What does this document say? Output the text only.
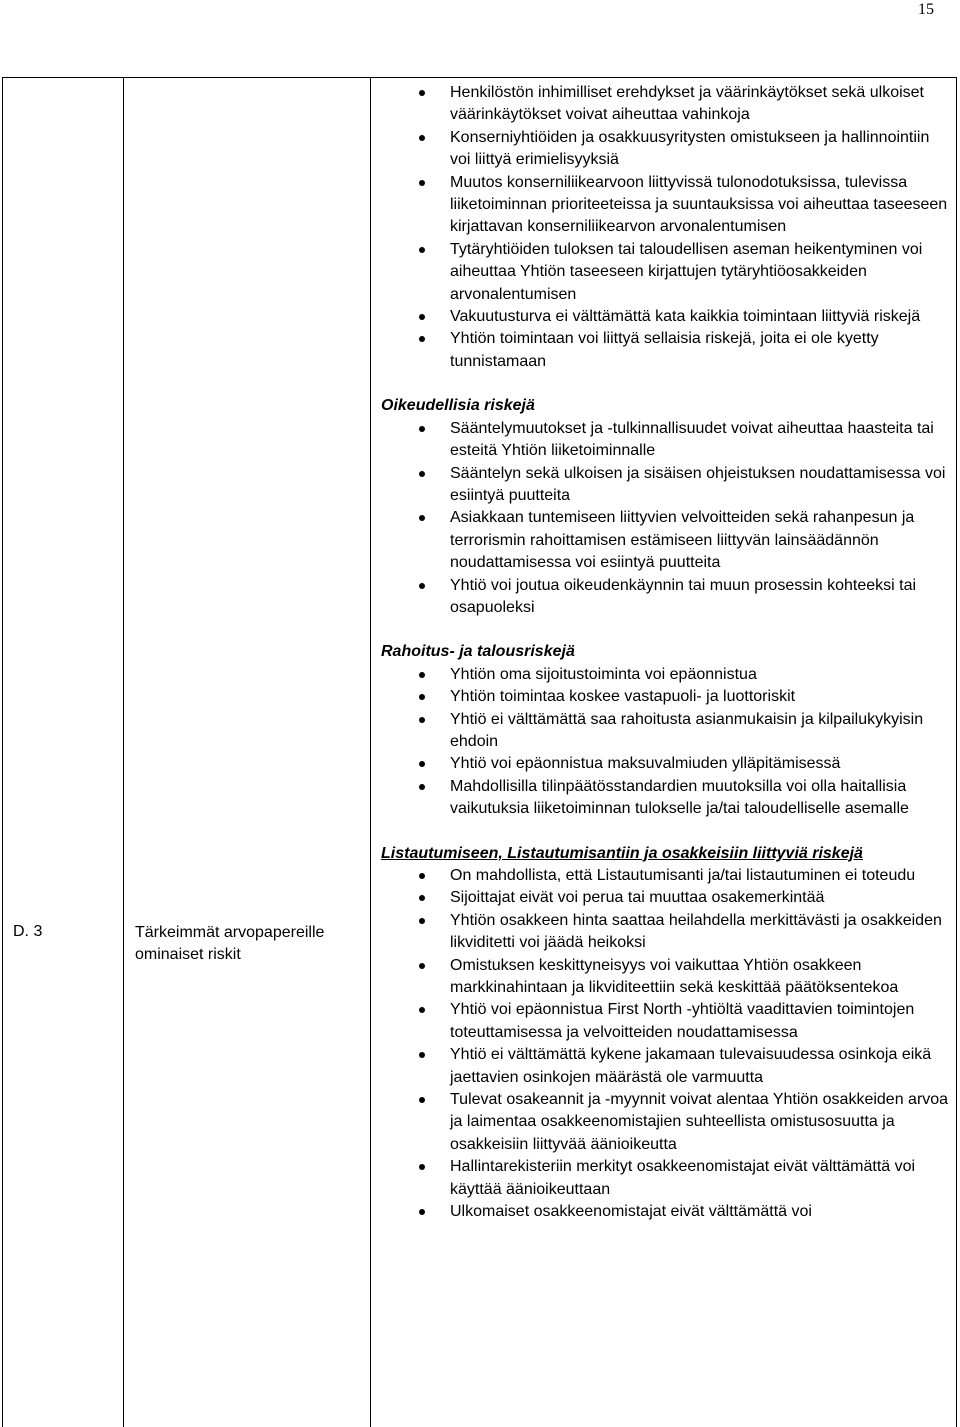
15
D. 3	Tärkeimmät arvopapereille ominaiset riskit
Henkilöstön inhimilliset erehdykset ja väärinkäytökset sekä ulkoiset väärinkäytökset voivat aiheuttaa vahinkoja
Konserniyhtiöiden ja osakkuusyritysten omistukseen ja hallinnointiin voi liittyä erimielisyyksiä
Muutos konserniliikearvoon liittyvissä tulonodotuksissa, tulevissa liiketoiminnan prioriteeteissa ja suuntauksissa voi aiheuttaa taseeseen kirjattavan konserniliikearvon arvonalentumisen
Tytäryhtiöiden tuloksen tai taloudellisen aseman heikentyminen voi aiheuttaa Yhtiön taseeseen kirjattujen tytäryhtiöosakkeiden arvonalentumisen
Vakuutusturva ei välttämättä kata kaikkia toimintaan liittyviä riskejä
Yhtiön toimintaan voi liittyä sellaisia riskejä, joita ei ole kyetty tunnistamaan
Oikeudellisia riskejä
Sääntelymuutokset ja -tulkinnallisuudet voivat aiheuttaa haasteita tai esteitä Yhtiön liiketoiminnalle
Sääntelyn sekä ulkoisen ja sisäisen ohjeistuksen noudattamisessa voi esiintyä puutteita
Asiakkaan tuntemiseen liittyvien velvoitteiden sekä rahanpesun ja terrorismin rahoittamisen estämiseen liittyvän lainsäädännön noudattamisessa voi esiintyä puutteita
Yhtiö voi joutua oikeudenkäynnin tai muun prosessin kohteeksi tai osapuoleksi
Rahoitus- ja talousriskejä
Yhtiön oma sijoitustoiminta voi epäonnistua
Yhtiön toimintaa koskee vastapuoli- ja luottoriskit
Yhtiö ei välttämättä saa rahoitusta asianmukaisin ja kilpailukykyisin ehdoin
Yhtiö voi epäonnistua maksuvalmiuden ylläpitämisessä
Mahdollisilla tilinpäätösstandardien muutoksilla voi olla haitallisia vaikutuksia liiketoiminnan tulokselle ja/tai taloudelliselle asemalle
Listautumiseen, Listautumisantiin ja osakkeisiin liittyviä riskejä
On mahdollista, että Listautumisanti ja/tai listautuminen ei toteudu
Sijoittajat eivät voi perua tai muuttaa osakemerkintää
Yhtiön osakkeen hinta saattaa heilahdella merkittävästi ja osakkeiden likviditetti voi jäädä heikoksi
Omistuksen keskittyneisyys voi vaikuttaa Yhtiön osakkeen markkinahintaan ja likviditeettiin sekä keskittää päätöksentekoa
Yhtiö voi epäonnistua First North -yhtiöltä vaadittavien toimintojen toteuttamisessa ja velvoitteiden noudattamisessa
Yhtiö ei välttämättä kykene jakamaan tulevaisuudessa osinkoja eikä jaettavien osinkojen määrästä ole varmuutta
Tulevat osakeannit ja -myynnit voivat alentaa Yhtiön osakkeiden arvoa ja laimentaa osakkeenomistajien suhteellista omistusosuutta ja osakkeisiin liittyvää äänioikeutta
Hallintarekisteriin merkityt osakkeenomistajat eivät välttämättä voi käyttää äänioikeuttaan
Ulkomaiset osakkeenomistajat eivät välttämättä voi
